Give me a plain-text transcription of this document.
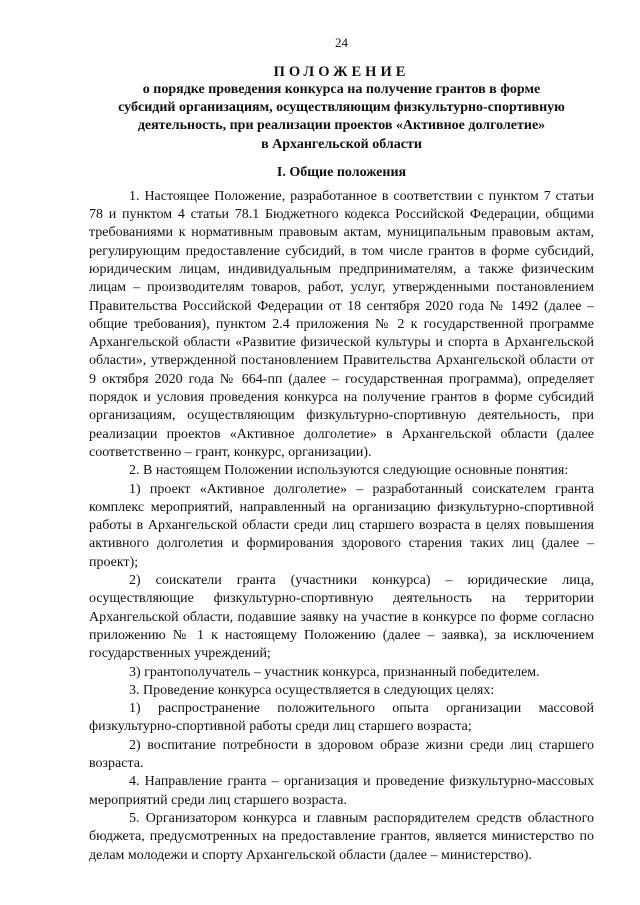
24

ПОЛОЖЕНИЕ

о порядке проведения конкурса на получение грантов в форме

субсидий организациям, осуществляющим физкультурно-спортивную

деятельность, при реализации проектов «Активное долголетие»

в Архангельской области

I. Общие положения

1. Настоящее Положение, разработанное в соответствии с пунктом 7 статьи 78 и пунктом 4 статьи 78.1 Бюджетного кодекса Российской Федерации, общими требованиями к нормативным правовым актам, муниципальным правовым актам, регулирующим предоставление субсидий, в том числе грантов в форме субсидий, юридическим лицам, индивидуальным предпринимателям, а также физическим лицам – производителям товаров, работ, услуг, утвержденными постановлением Правительства Российской Федерации от 18 сентября 2020 года № 1492 (далее – общие требования), пунктом 2.4 приложения № 2 к государственной программе Архангельской области «Развитие физической культуры и спорта в Архангельской области», утвержденной постановлением Правительства Архангельской области от 9 октября 2020 года № 664-пп (далее – государственная программа), определяет порядок и условия проведения конкурса на получение грантов в форме субсидий организациям, осуществляющим физкультурно-спортивную деятельность, при реализации проектов «Активное долголетие» в Архангельской области (далее соответственно – грант, конкурс, организации).

2. В настоящем Положении используются следующие основные понятия:

1) проект «Активное долголетие» – разработанный соискателем гранта комплекс мероприятий, направленный на организацию физкультурно-спортивной работы в Архангельской области среди лиц старшего возраста в целях повышения активного долголетия и формирования здорового старения таких лиц (далее – проект);

2) соискатели гранта (участники конкурса) – юридические лица, осуществляющие физкультурно-спортивную деятельность на территории Архангельской области, подавшие заявку на участие в конкурсе по форме согласно приложению № 1 к настоящему Положению (далее – заявка), за исключением государственных учреждений;

3) грантополучатель – участник конкурса, признанный победителем.

3. Проведение конкурса осуществляется в следующих целях:

1) распространение положительного опыта организации массовой физкультурно-спортивной работы среди лиц старшего возраста;

2) воспитание потребности в здоровом образе жизни среди лиц старшего возраста.

4. Направление гранта – организация и проведение физкультурно-массовых мероприятий среди лиц старшего возраста.

5. Организатором конкурса и главным распорядителем средств областного бюджета, предусмотренных на предоставление грантов, является министерство по делам молодежи и спорту Архангельской области (далее – министерство).
